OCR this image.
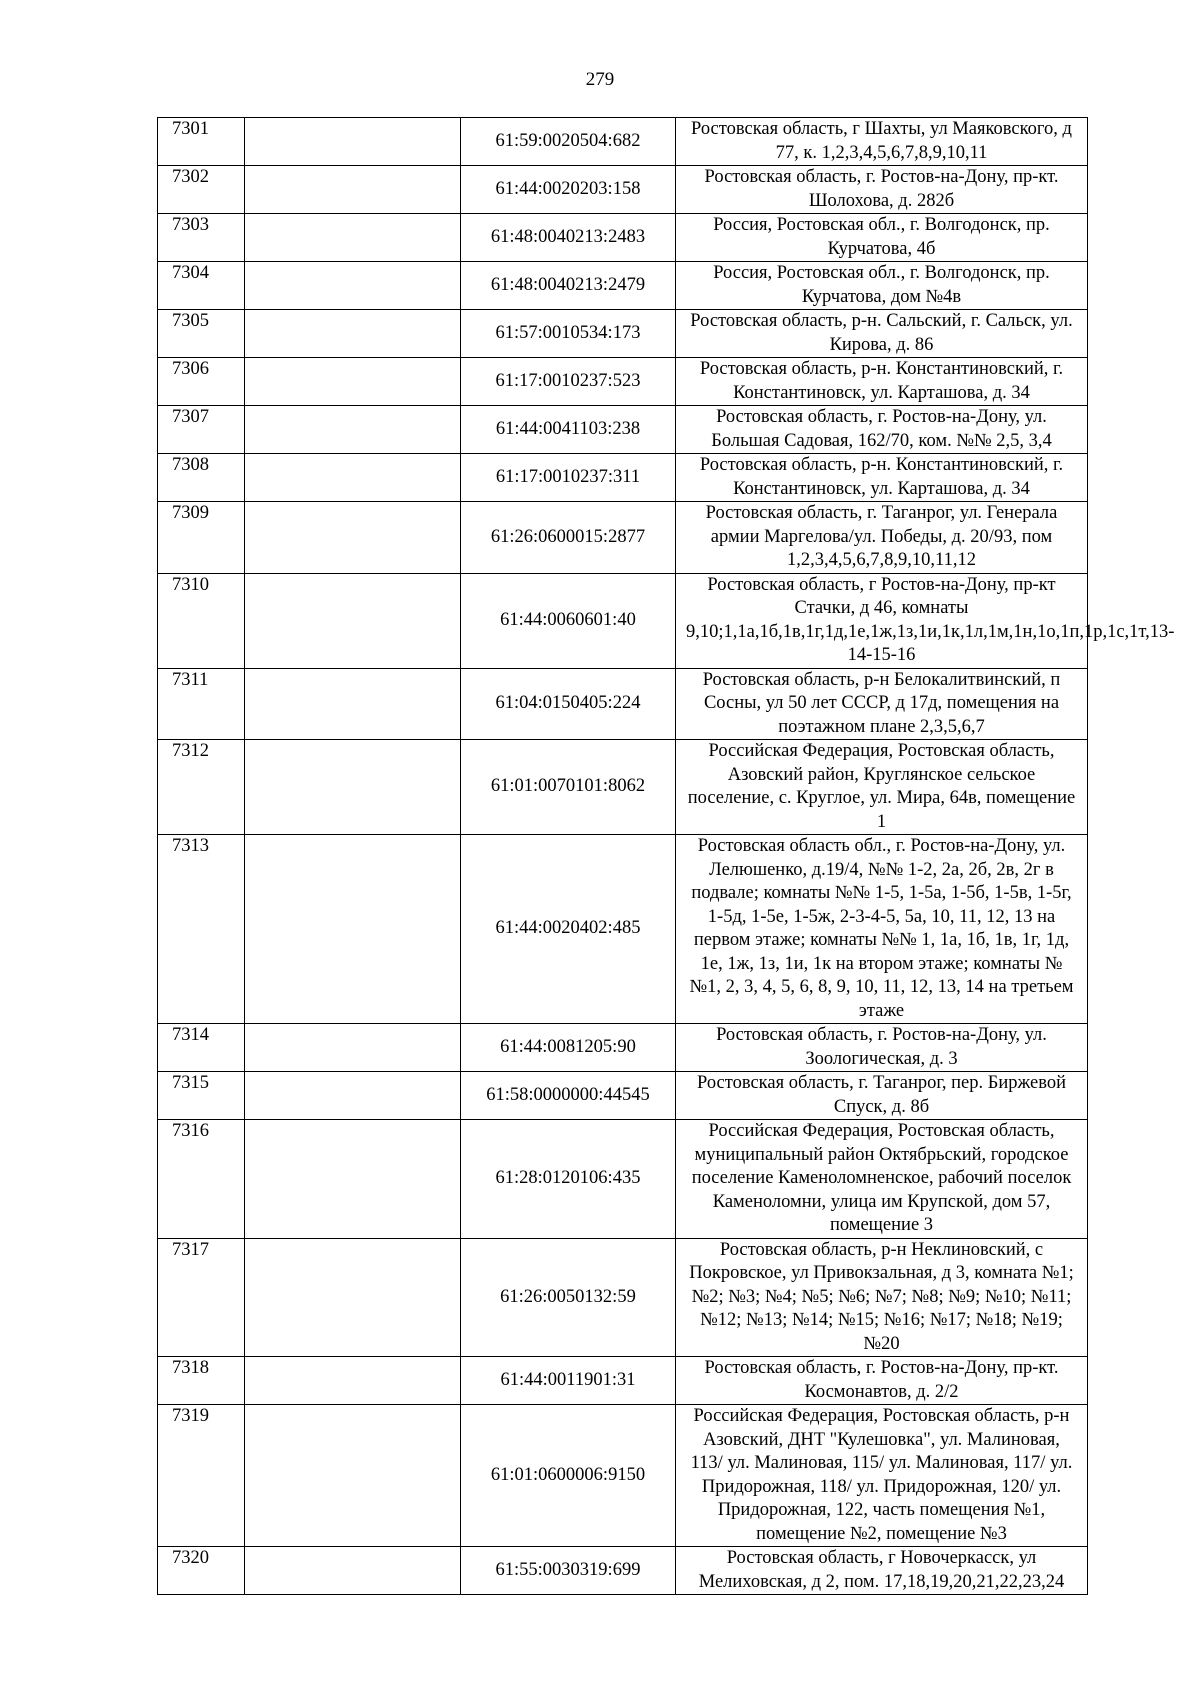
279
7301		61:59:0020504:682	Ростовская область, г Шахты, ул Маяковского, д 77, к. 1,2,3,4,5,6,7,8,9,10,11
7302		61:44:0020203:158	Ростовская область, г. Ростов-на-Дону, пр-кт. Шолохова, д. 282б
7303		61:48:0040213:2483	Россия, Ростовская обл., г. Волгодонск, пр. Курчатова, 4б
7304		61:48:0040213:2479	Россия, Ростовская обл., г. Волгодонск, пр. Курчатова, дом №4в
7305		61:57:0010534:173	Ростовская область, р-н. Сальский, г. Сальск, ул. Кирова, д. 86
7306		61:17:0010237:523	Ростовская область, р-н. Константиновский, г. Константиновск, ул. Карташова, д. 34
7307		61:44:0041103:238	Ростовская область, г. Ростов-на-Дону, ул. Большая Садовая, 162/70, ком. №№ 2,5, 3,4
7308		61:17:0010237:311	Ростовская область, р-н. Константиновский, г. Константиновск, ул. Карташова, д. 34
7309		61:26:0600015:2877	Ростовская область, г. Таганрог, ул. Генерала армии Маргелова/ул. Победы, д. 20/93, пом 1,2,3,4,5,6,7,8,9,10,11,12
7310		61:44:0060601:40	Ростовская область, г Ростов-на-Дону, пр-кт Стачки, д 46, комнаты 9,10;1,1а,1б,1в,1г,1д,1е,1ж,1з,1и,1к,1л,1м,1н,1о,1п,1р,1с,1т,13-14-15-16
7311		61:04:0150405:224	Ростовская область, р-н Белокалитвинский, п Сосны, ул 50 лет СССР, д 17д, помещения на поэтажном плане 2,3,5,6,7
7312		61:01:0070101:8062	Российская Федерация, Ростовская область, Азовский район, Круглянское сельское поселение, с. Круглое, ул. Мира, 64в, помещение 1
7313		61:44:0020402:485	Ростовская область обл., г. Ростов-на-Дону, ул. Лелюшенко, д.19/4, №№ 1-2, 2а, 2б, 2в, 2г в подвале; комнаты №№ 1-5, 1-5а, 1-5б, 1-5в, 1-5г, 1-5д, 1-5е, 1-5ж, 2-3-4-5, 5а, 10, 11, 12, 13 на первом этаже; комнаты №№ 1, 1а, 1б, 1в, 1г, 1д, 1е, 1ж, 1з, 1и, 1к на втором этаже; комнаты №№1, 2, 3, 4, 5, 6, 8, 9, 10, 11, 12, 13, 14 на третьем этаже
7314		61:44:0081205:90	Ростовская область, г. Ростов-на-Дону, ул. Зоологическая, д. 3
7315		61:58:0000000:44545	Ростовская область, г. Таганрог, пер. Биржевой Спуск, д. 8б
7316		61:28:0120106:435	Российская Федерация, Ростовская область, муниципальный район Октябрьский, городское поселение Каменоломненское, рабочий поселок Каменоломни, улица им Крупской, дом 57, помещение 3
7317		61:26:0050132:59	Ростовская область, р-н Неклиновский, с Покровское, ул Привокзальная, д 3, комната №1; №2; №3; №4; №5; №6; №7; №8; №9; №10; №11; №12; №13; №14; №15; №16; №17; №18; №19; №20
7318		61:44:0011901:31	Ростовская область, г. Ростов-на-Дону, пр-кт. Космонавтов, д. 2/2
7319		61:01:0600006:9150	Российская Федерация, Ростовская область, р-н Азовский, ДНТ "Кулешовка", ул. Малиновая, 113/ ул. Малиновая, 115/ ул. Малиновая, 117/ ул. Придорожная, 118/ ул. Придорожная, 120/ ул. Придорожная, 122, часть помещения №1, помещение №2, помещение №3
7320		61:55:0030319:699	Ростовская область, г Новочеркасск, ул Мелиховская, д 2, пом. 17,18,19,20,21,22,23,24
